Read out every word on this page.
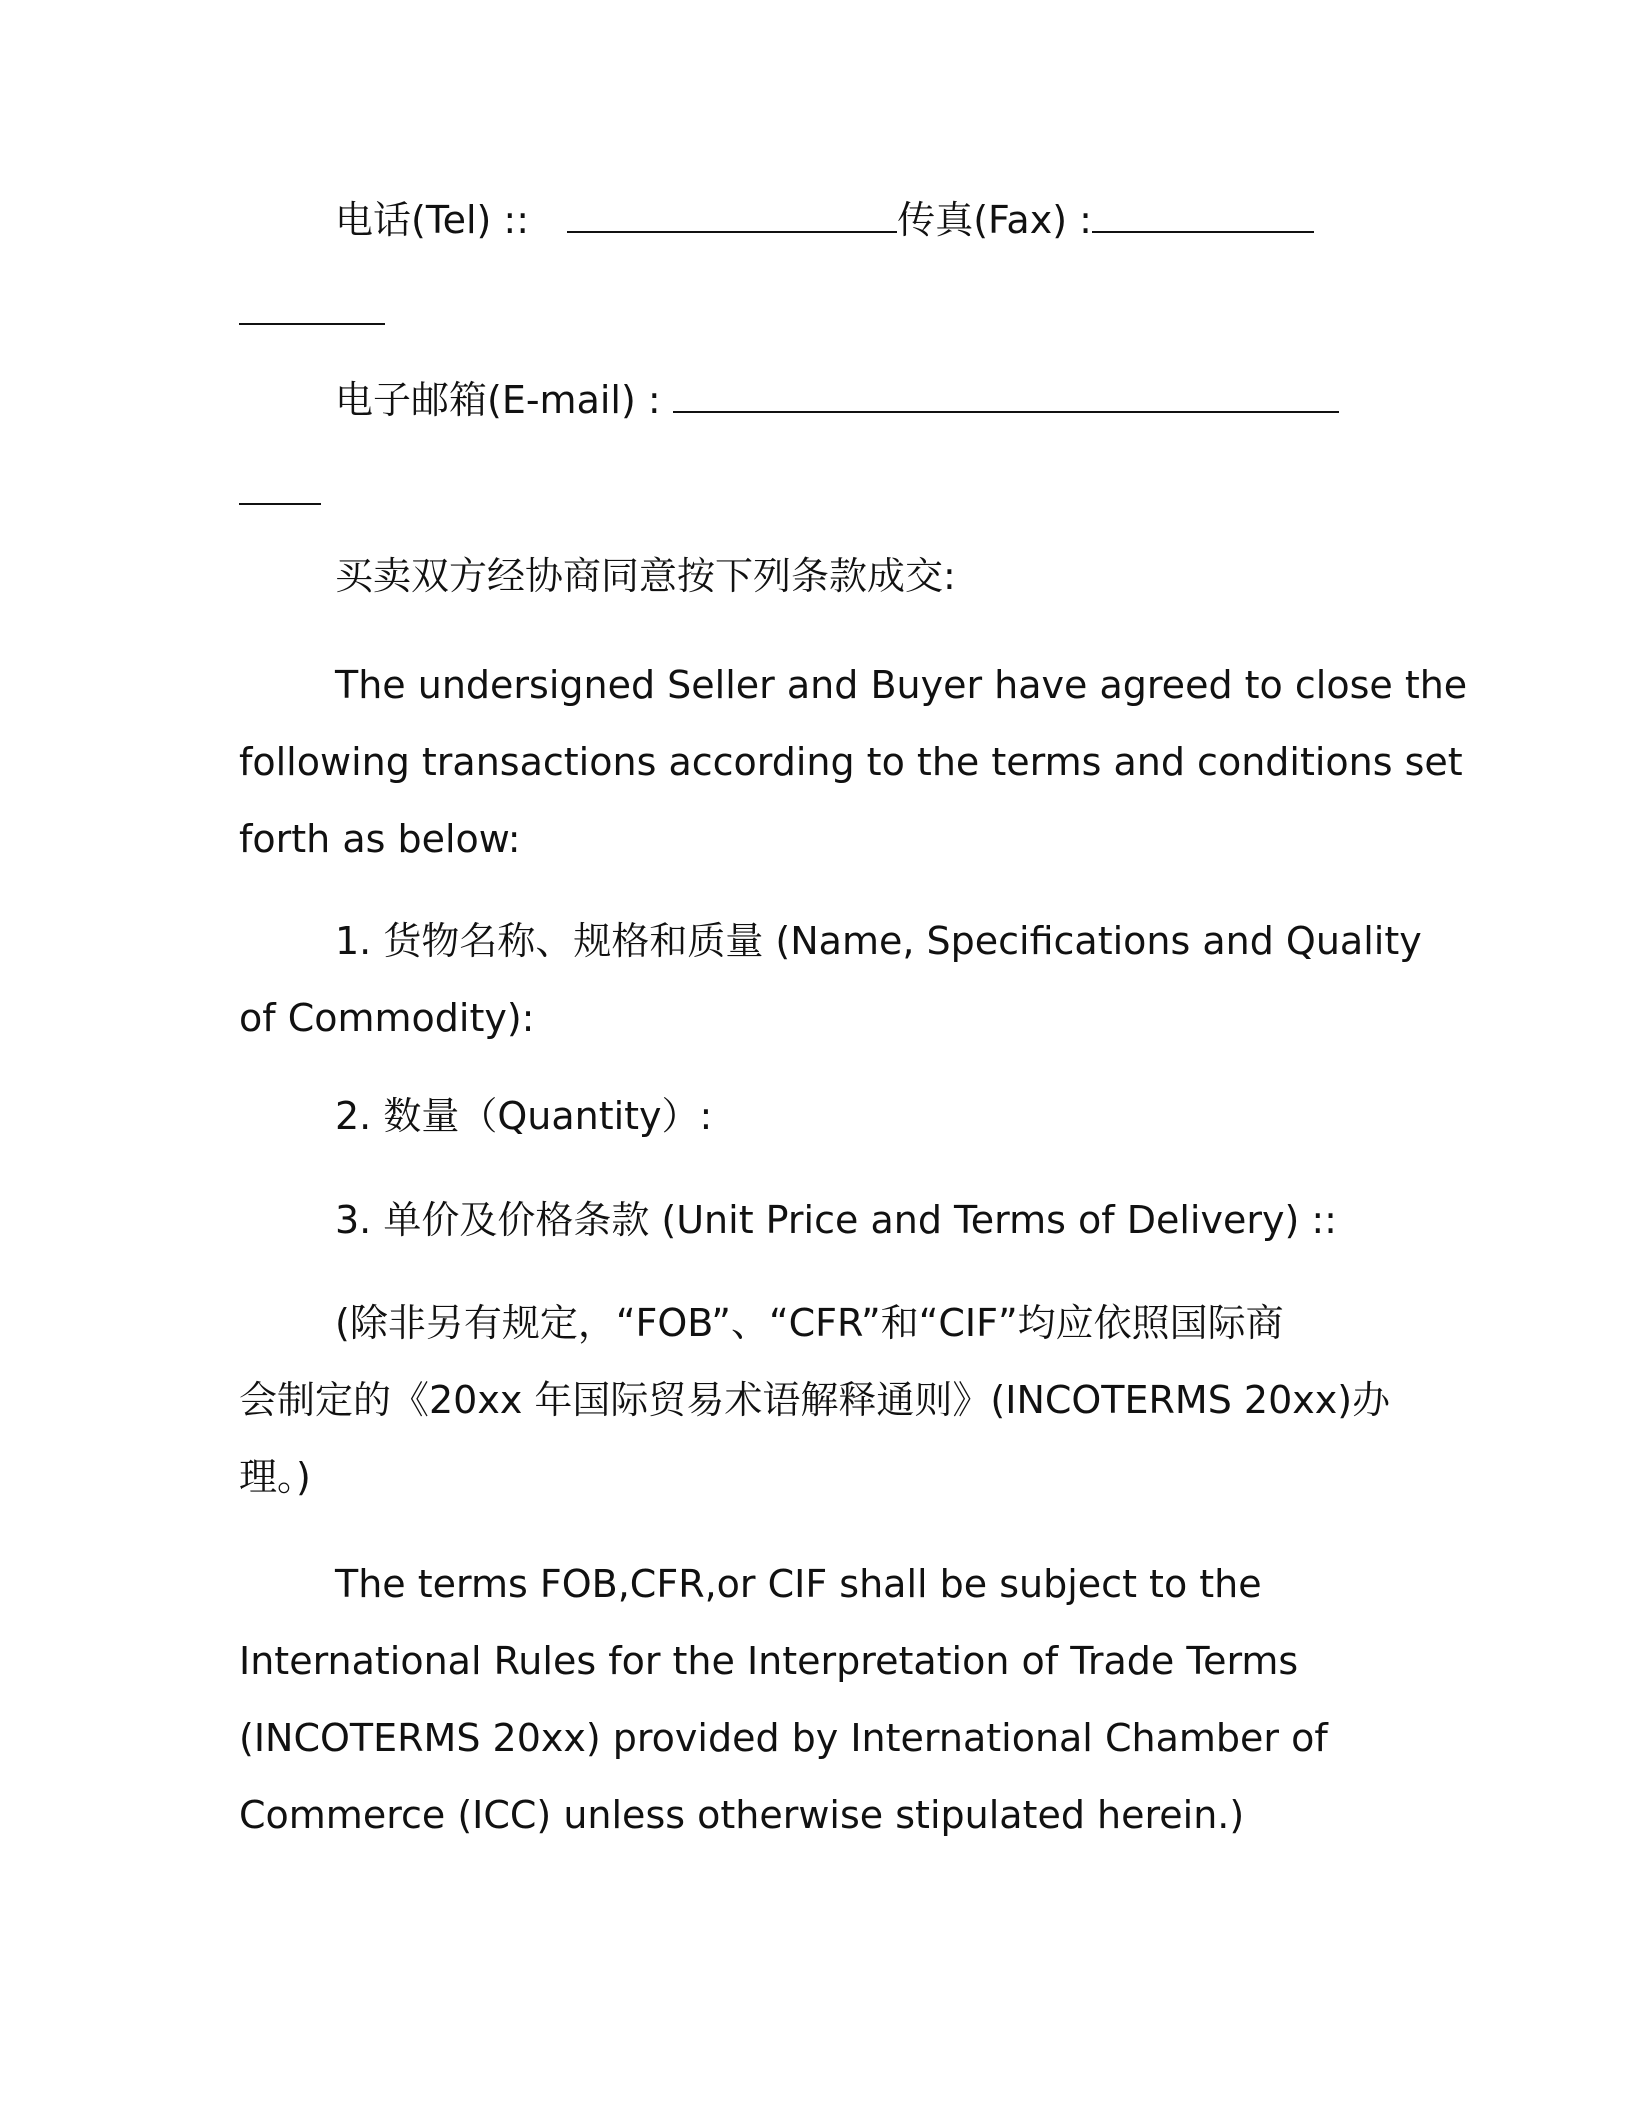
电话(Tel) ::	传真(Fax) :
电子邮箱(E-mail) :
买卖双方经协商同意按下列条款成交:
The undersigned Seller and Buyer have agreed to close the
following transactions according to the terms and conditions set
forth as below:
1. 货物名称、规格和质量 (Name, Specifications and Quality
of Commodity):
2. 数量（Quantity）:
3. 单价及价格条款 (Unit Price and Terms of Delivery) ::
(除非另有规定，“FOB”、“CFR”和“CIF”均应依照国际商
会制定的《20xx 年国际贸易术语解释通则》(INCOTERMS 20xx)办
理。)
The terms FOB,CFR,or CIF shall be subject to the
International Rules for the Interpretation of Trade Terms
(INCOTERMS 20xx) provided by International Chamber of
Commerce (ICC) unless otherwise stipulated herein.)
